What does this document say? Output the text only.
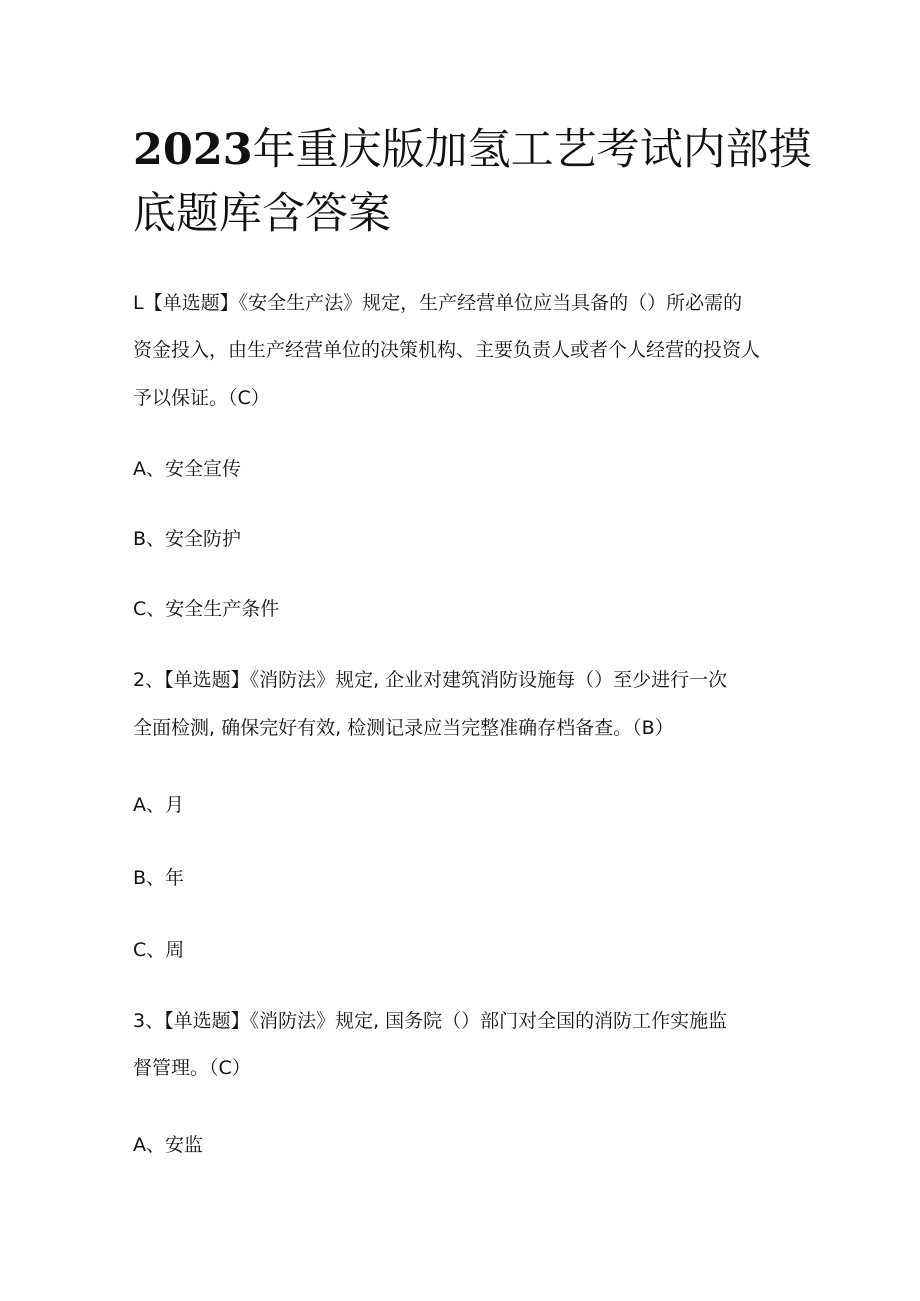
2023年重庆版加氢工艺考试内部摸
底题库含答案
L【单选题】《安全生产法》规定，生产经营单位应当具备的（）所必需的
资金投入，由生产经营单位的决策机构、主要负责人或者个人经营的投资人
予以保证。（C）
A、安全宣传
B、安全防护
C、安全生产条件
2、【单选题】《消防法》规定, 企业对建筑消防设施每（）至少进行一次
全面检测, 确保完好有效, 检测记录应当完整准确存档备查。（B）
A、月
B、年
C、周
3、【单选题】《消防法》规定, 国务院（）部门对全国的消防工作实施监
督管理。（C）
A、安监
